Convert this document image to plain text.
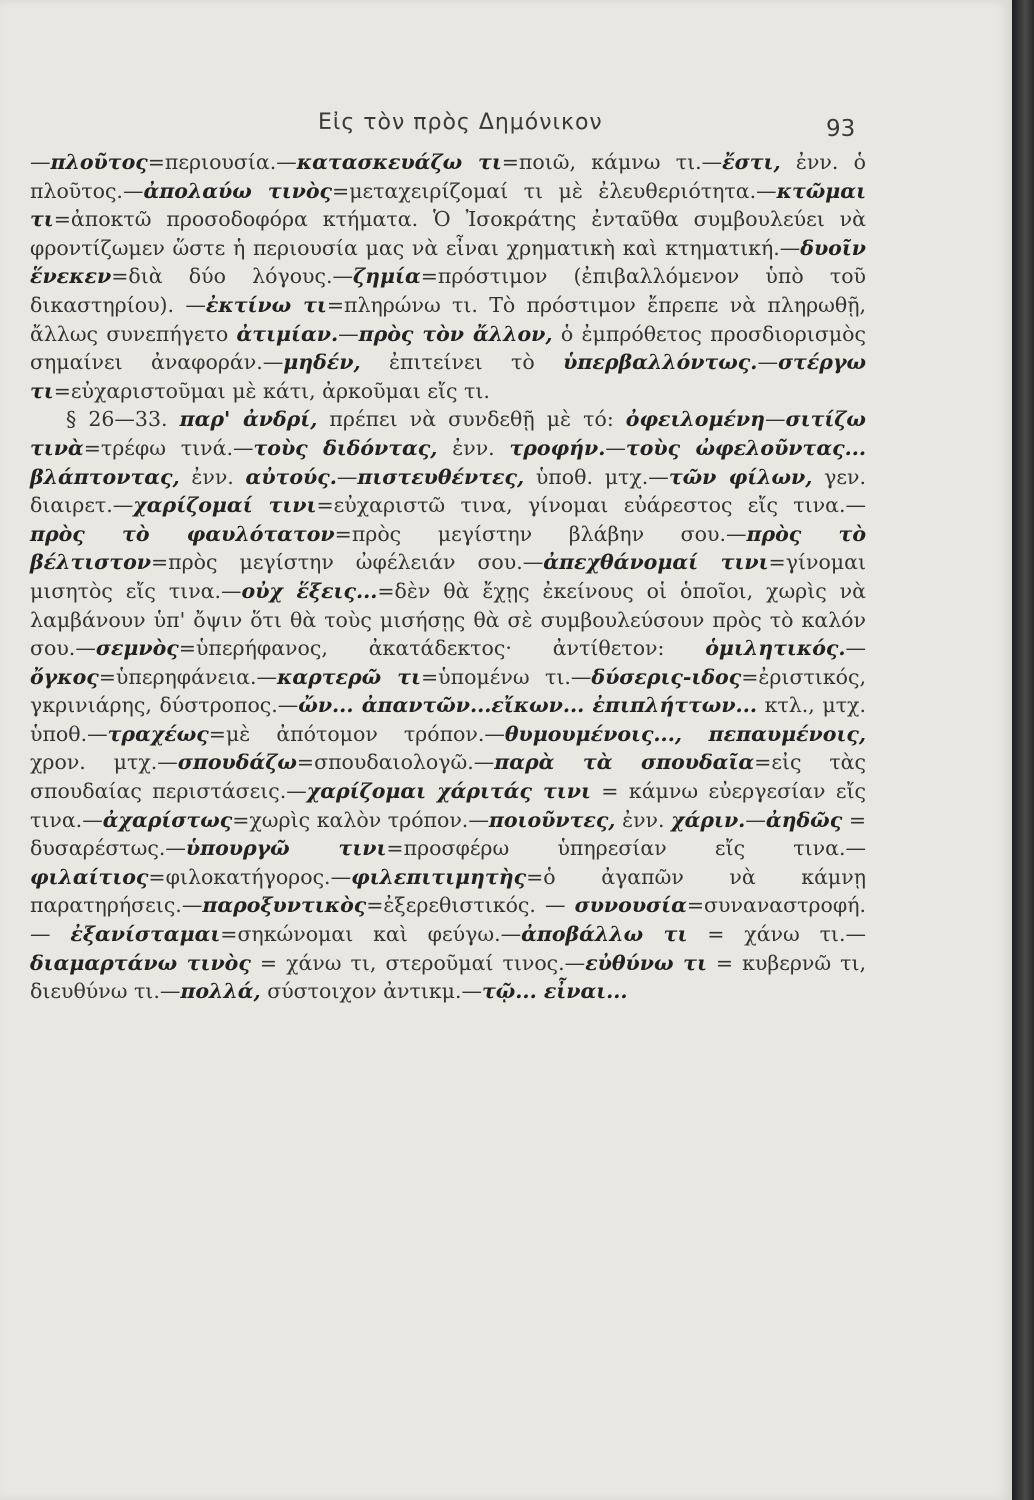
Εἰς τὸν πρὸς Δημόνικον	93

—πλοῦτος=περιουσία.—κατασκευάζω τι=ποιῶ, κάμνω τι.—ἔστι, ἐνν. ὁ πλοῦτος.—ἀπολαύω τινὸς=μεταχειρίζομαί τι μὲ ἐλευθεριότητα.—κτῶμαι τι=ἀποκτῶ προσοδοφόρα κτήματα. Ὁ Ἰσοκράτης ἐνταῦθα συμβουλεύει νὰ φροντίζωμεν ὥστε ἡ περιουσία μας νὰ εἶναι χρηματικὴ καὶ κτηματική.—δυοῖν ἕνεκεν=διὰ δύο λόγους.—ζημία=πρόστιμον (ἐπιβαλλόμενον ὑπὸ τοῦ δικαστηρίου). —ἐκτίνω τι=πληρώνω τι. Τὸ πρόστιμον ἔπρεπε νὰ πληρωθῇ, ἄλλως συνεπήγετο ἀτιμίαν.—πρὸς τὸν ἄλλον, ὁ ἐμπρόθετος προσδιορισμὸς σημαίνει ἀναφοράν.—μηδέν, ἐπιτείνει τὸ ὑπερβαλλόντως.—στέργω τι=εὐχαριστοῦμαι μὲ κάτι, ἀρκοῦμαι εἴς τι.

§ 26—33. παρ' ἀνδρί, πρέπει νὰ συνδεθῇ μὲ τό: ὀφειλομένη—σιτίζω τινὰ=τρέφω τινά.—τοὺς διδόντας, ἐνν. τροφήν.—τοὺς ὠφελοῦντας... βλάπτοντας, ἐνν. αὐτούς.—πιστευθέντες, ὑποθ. μτχ.—τῶν φίλων, γεν. διαιρετ.—χαρίζομαί τινι=εὐχαριστῶ τινα, γίνομαι εὐάρεστος εἴς τινα.—πρὸς τὸ φαυλότατον=πρὸς μεγίστην βλάβην σου.—πρὸς τὸ βέλτιστον=πρὸς μεγίστην ὠφέλειάν σου.—ἀπεχθάνομαί τινι=γίνομαι μισητὸς εἴς τινα.—οὐχ ἕξεις...=δὲν θὰ ἔχῃς ἐκείνους οἱ ὁποῖοι, χωρὶς νὰ λαμβάνουν ὑπ' ὄψιν ὅτι θὰ τοὺς μισήσῃς θὰ σὲ συμβουλεύσουν πρὸς τὸ καλόν σου.—σεμνὸς=ὑπερήφανος, ἀκατάδεκτος· ἀντίθετον: ὁμιλητικός.—ὄγκος=ὑπερηφάνεια.—καρτερῶ τι=ὑπομένω τι.—δύσερις-ιδος=ἐριστικός, γκρινιάρης, δύστροπος.—ὤν... ἀπαντῶν...εἴκων... ἐπιπλήττων... κτλ., μτχ. ὑποθ.—τραχέως=μὲ ἀπότομον τρόπον.—θυμουμένοις..., πεπαυμένοις, χρον. μτχ.—σπουδάζω=σπουδαιολογῶ.—παρὰ τὰ σπουδαῖα=εἰς τὰς σπουδαίας περιστάσεις.—χαρίζομαι χάριτάς τινι = κάμνω εὐεργεσίαν εἴς τινα.—ἀχαρίστως=χωρὶς καλὸν τρόπον.—ποιοῦντες, ἐνν. χάριν.—ἀηδῶς = δυσαρέστως.—ὑπουργῶ τινι=προσφέρω ὑπηρεσίαν εἴς τινα.—φιλαίτιος=φιλοκατήγορος.—φιλεπιτιμητὴς=ὁ ἀγαπῶν νὰ κάμνῃ παρατηρήσεις.—παροξυντικὸς=ἐξερεθιστικός. — συνουσία=συναναστροφή. — ἐξανίσταμαι=σηκώνομαι καὶ φεύγω.—ἀποβάλλω τι = χάνω τι.—διαμαρτάνω τινὸς = χάνω τι, στεροῦμαί τινος.—εὐθύνω τι = κυβερνῶ τι, διευθύνω τι.—πολλά, σύστοιχον ἀντικμ.—τῷ... εἶναι...
